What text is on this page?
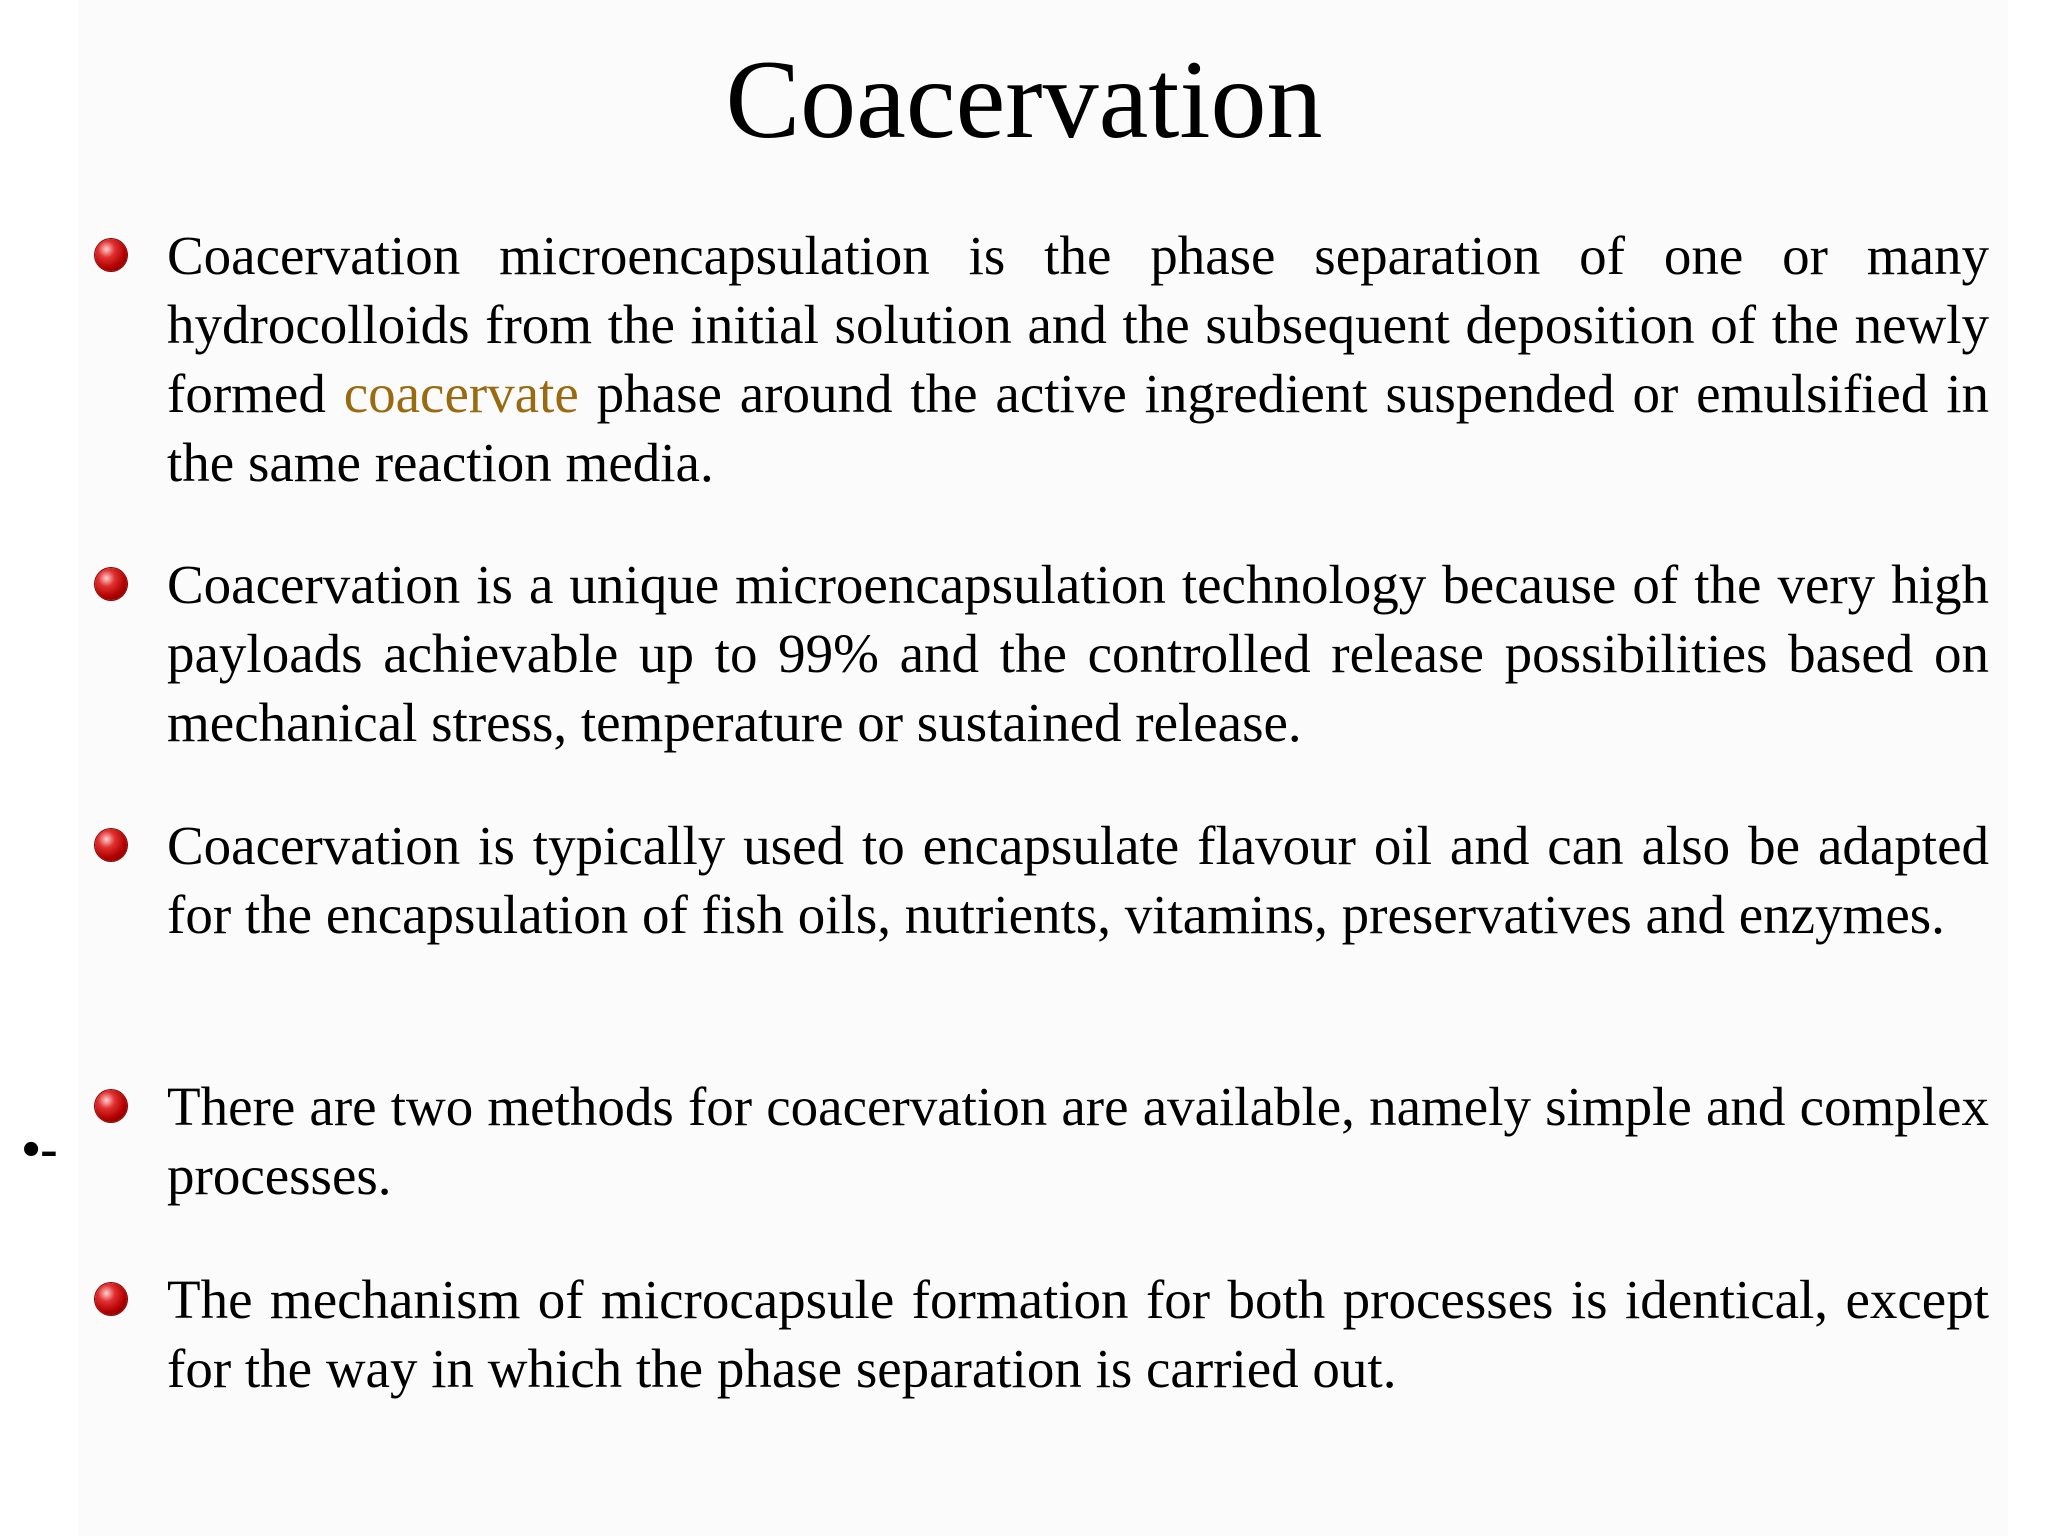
Coacervation

Coacervation microencapsulation is the phase separation of one or many hydrocolloids from the initial solution and the subsequent deposition of the newly formed coacervate phase around the active ingredient suspended or emulsified in the same reaction media.

Coacervation is a unique microencapsulation technology because of the very high payloads achievable up to 99% and the controlled release possibilities based on mechanical stress, temperature or sustained release.

Coacervation is typically used to encapsulate flavour oil and can also be adapted for the encapsulation of fish oils, nutrients, vitamins, preservatives and enzymes.

There are two methods for coacervation are available, namely simple and complex processes.

The mechanism of microcapsule formation for both processes is identical, except for the way in which the phase separation is carried out.

•-
